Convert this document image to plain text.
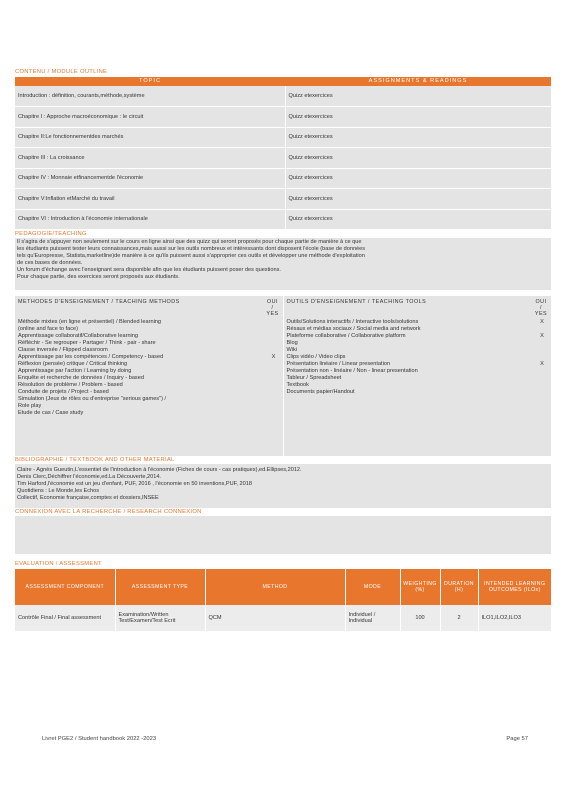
CONTENU / MODULE OUTLINE
TOPIC	ASSIGNMENTS & READINGS
Introduction : définition, courants,méthode,système	Quizz etexercices
Chapitre I : Approche macroéconomique : le circuit	Quizz etexercices
Chapitre II:Le fonctionnementdes marchés	Quizz etexercices
Chapitre III : La croissance	Quizz etexercices
Chapitre IV : Monnaie etfinancementde l'économie	Quizz etexercices
Chapitre V:Inflation etMarché du travail	Quizz etexercices
Chapitre VI : Introduction à l'économie internationale	Quizz etexercices
PEDAGOGIE/TEACHING
Il s'agira de s'appuyer non seulement sur le cours en ligne ainsi que des quizz qui seront proposés pour chaque partie de manière à ce que
les étudiants puissent tester leurs connaissances,mais aussi sur les outils nombreux et intéressants dont disposent l'école (base de données
tels qu'Europresse, Statista,marketline)de manière à ce qu'ils puissent aussi s'approprier ces outils et développer une méthode d'exploitation
de ces bases de données.
Un forum d'échange avec l'enseignant sera disponible afin que les étudiants puissent poser des questions.
Pour chaque partie, des exercices seront proposés aux étudiants.
METHODES D'ENSEIGNEMENT / TEACHING METHODS	OUI / YES
Méthode mixtes (en ligne et présentiel) / Blended learning
(online and face to face)
Apprentissage collaboratif/Collaborative learning
Réfléchir - Se regrouper - Partager / Think - pair - share
Classe inversée / Flipped classroom
Apprentissage par les compétences / Competency - based	X
Réflexion (pensée) critique / Critical thinking
Apprentissage par l'action / Learning by doing
Enquête et recherche de données / Inquiry - based
Résolution de problème / Problem - based
Conduite de projets / Project - based
Simulation (Jeux de rôles ou d'entreprise "serious games") /
Role play
Etude de cas / Case study
OUTILS D'ENSEIGNEMENT / TEACHING TOOLS	OUI / YES
Outils/Solutions interactifs / Interactive tools/solutions	X
Résaux et médias sociaux / Social media and network
Plateforme collaborative / Collaborative platform	X
Blog
Wiki
Clips vidéo / Video clips
Présentation linéaire / Linear presentation	X
Présentation non - linéaire / Non - linear presentation
Tableur / Spreadsheet
Textbook
Documents papier/Handout
BIBLIOGRAPHIE / TEXTBOOK AND OTHER MATERIAL
Claire - Agnès Gueutin,L'essentiel de l'introduction à l'économie (Fiches de cours - cas pratiques),ed.Ellipses,2012.
Denis Clerc,Déchiffrer l'économie,ed.La Découverte,2014.
Tim Harford,l'économie est un jeu d'enfant, PUF, 2016 , l'économie en 50 inventions,PUF, 2018
Quotidiens : Le Monde,les Echos
Collectif, Economie française,comptes et dossiers,INSEE
CONNEXION AVEC LA RECHERCHE / RESEARCH CONNEXION
EVALUATION / ASSESSMENT
ASSESSMENT COMPONENT	ASSESSMENT TYPE	METHOD	MODE	WEIGHTING (%)	DURATION (H)	INTENDED LEARNING OUTCOMES (ILOs)
Contrôle Final / Final assessment	Examination/Written Test/Examen/Test Ecrit	QCM	Individuel / Individual	100	2	ILO1,ILO2,ILO3
Livret PGE2 / Student handbook 2022 -2023	Page 57
